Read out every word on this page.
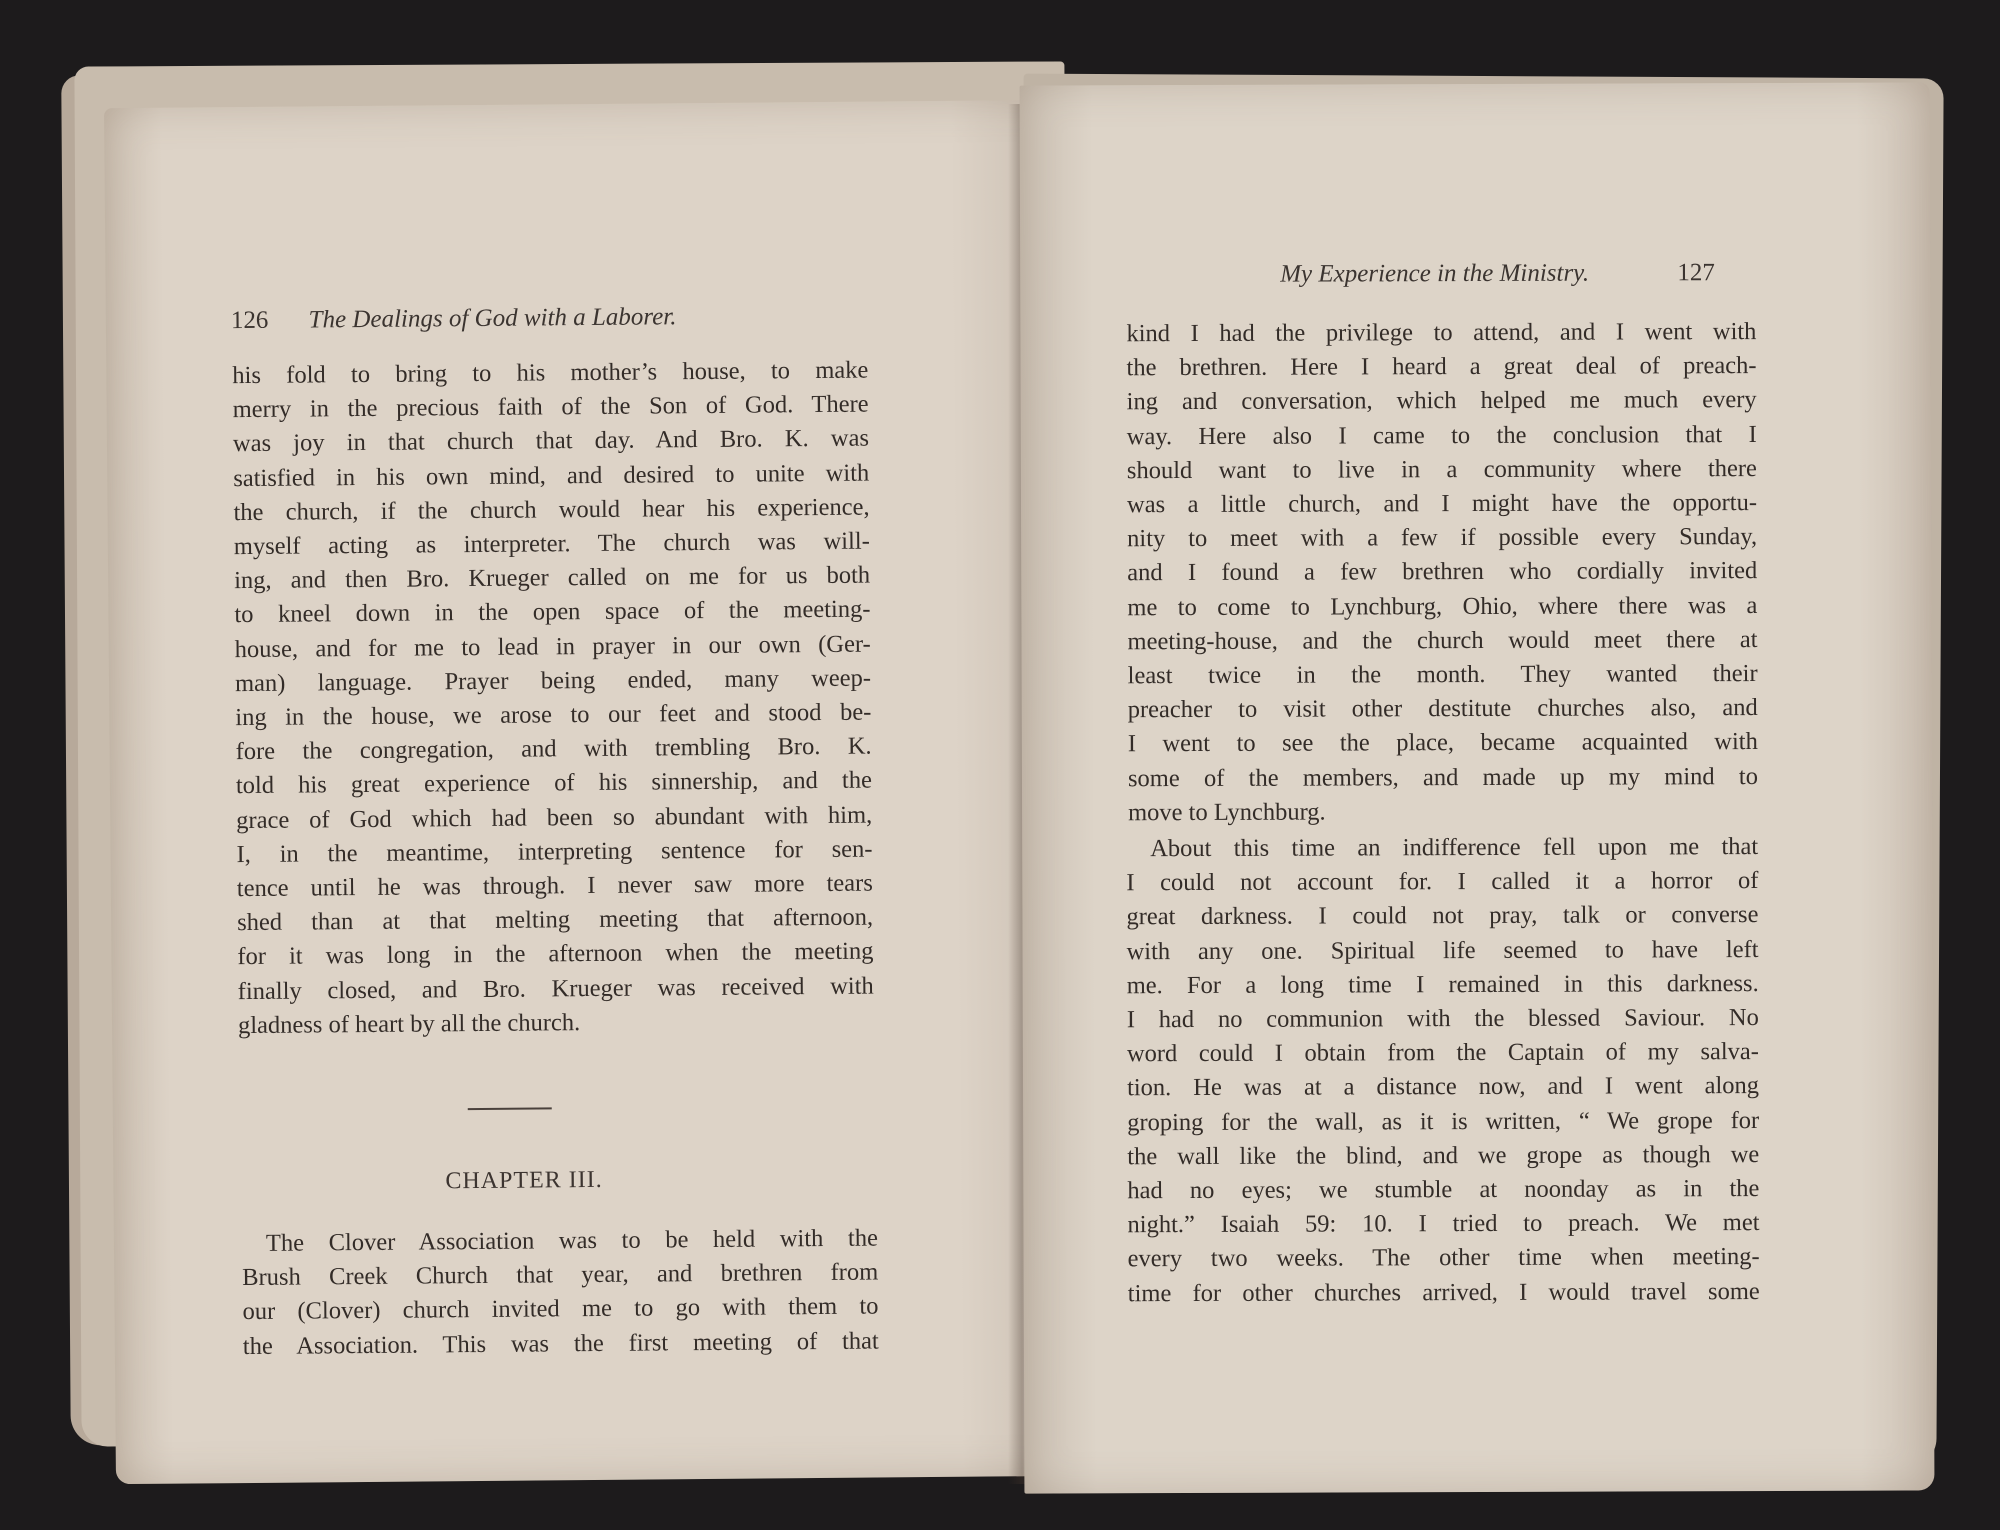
126 The Dealings of God with a Laborer.
his fold to bring to his mother’s house, to make
merry in the precious faith of the Son of God. There
was joy in that church that day. And Bro. K. was
satisfied in his own mind, and desired to unite with
the church, if the church would hear his experience,
myself acting as interpreter. The church was will-
ing, and then Bro. Krueger called on me for us both
to kneel down in the open space of the meeting-
house, and for me to lead in prayer in our own (Ger-
man) language. Prayer being ended, many weep-
ing in the house, we arose to our feet and stood be-
fore the congregation, and with trembling Bro. K.
told his great experience of his sinnership, and the
grace of God which had been so abundant with him,
I, in the meantime, interpreting sentence for sen-
tence until he was through. I never saw more tears
shed than at that melting meeting that afternoon,
for it was long in the afternoon when the meeting
finally closed, and Bro. Krueger was received with
gladness of heart by all the church.
CHAPTER III.
The Clover Association was to be held with the
Brush Creek Church that year, and brethren from
our (Clover) church invited me to go with them to
the Association. This was the first meeting of that
My Experience in the Ministry.	127
kind I had the privilege to attend, and I went with
the brethren. Here I heard a great deal of preach-
ing and conversation, which helped me much every
way. Here also I came to the conclusion that I
should want to live in a community where there
was a little church, and I might have the opportu-
nity to meet with a few if possible every Sunday,
and I found a few brethren who cordially invited
me to come to Lynchburg, Ohio, where there was a
meeting-house, and the church would meet there at
least twice in the month. They wanted their
preacher to visit other destitute churches also, and
I went to see the place, became acquainted with
some of the members, and made up my mind to
move to Lynchburg.
About this time an indifference fell upon me that
I could not account for. I called it a horror of
great darkness. I could not pray, talk or converse
with any one. Spiritual life seemed to have left
me. For a long time I remained in this darkness.
I had no communion with the blessed Saviour. No
word could I obtain from the Captain of my salva-
tion. He was at a distance now, and I went along
groping for the wall, as it is written, “ We grope for
the wall like the blind, and we grope as though we
had no eyes; we stumble at noonday as in the
night.” Isaiah 59: 10. I tried to preach. We met
every two weeks. The other time when meeting-
time for other churches arrived, I would travel some
